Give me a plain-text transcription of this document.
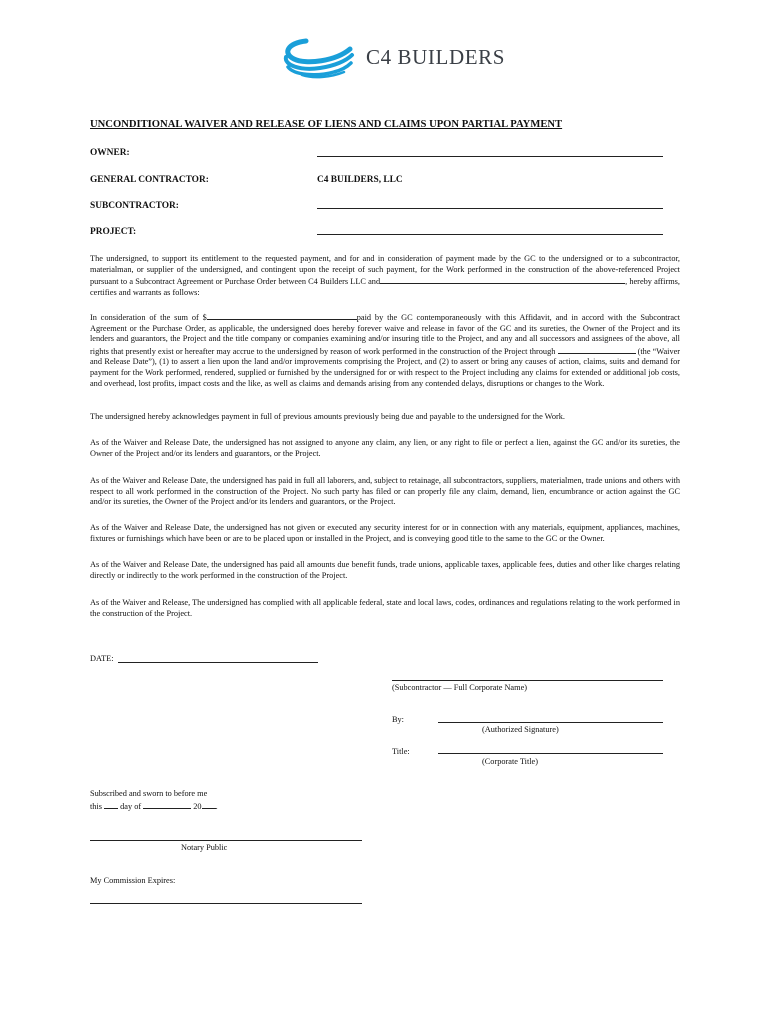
C4 BUILDERS
UNCONDITIONAL WAIVER AND RELEASE OF LIENS AND CLAIMS UPON PARTIAL PAYMENT
OWNER:
GENERAL CONTRACTOR:	C4 BUILDERS, LLC
SUBCONTRACTOR:
PROJECT:

The undersigned, to support its entitlement to the requested payment, and for and in consideration of payment made by the GC to the undersigned or to a subcontractor, materialman, or supplier of the undersigned, and contingent upon the receipt of such payment, for the Work performed in the construction of the above-referenced Project pursuant to a Subcontract Agreement or Purchase Order between C4 Builders LLC and	, hereby affirms, certifies and warrants as follows:

In consideration of the sum of $	paid by the GC contemporaneously with this Affidavit, and in accord with the Subcontract Agreement or the Purchase Order, as applicable, the undersigned does hereby forever waive and release in favor of the GC and its sureties, the Owner of the Project and its lenders and guarantors, the Project and the title company or companies examining and/or insuring title to the Project, and any and all successors and assignees of the above, all rights that presently exist or hereafter may accrue to the undersigned by reason of work performed in the construction of the Project through	(the “Waiver and Release Date”), (1) to assert a lien upon the land and/or improvements comprising the Project, and (2) to assert or bring any causes of action, claims, suits and demand for payment for the Work performed, rendered, supplied or furnished by the undersigned for or with respect to the Project including any claims for extended or additional job costs, and overhead, lost profits, impact costs and the like, as well as claims and demands arising from any contended delays, disruptions or changes to the Work.

The undersigned hereby acknowledges payment in full of previous amounts previously being due and payable to the undersigned for the Work.

As of the Waiver and Release Date, the undersigned has not assigned to anyone any claim, any lien, or any right to file or perfect a lien, against the GC and/or its sureties, the Owner of the Project and/or its lenders and guarantors, or the Project.

As of the Waiver and Release Date, the undersigned has paid in full all laborers, and, subject to retainage, all subcontractors, suppliers, materialmen, trade unions and others with respect to all work performed in the construction of the Project. No such party has filed or can properly file any claim, demand, lien, encumbrance or action against the GC and/or its sureties, the Owner of the Project and/or its lenders and guarantors, or the Project.

As of the Waiver and Release Date, the undersigned has not given or executed any security interest for or in connection with any materials, equipment, appliances, machines, fixtures or furnishings which have been or are to be placed upon or installed in the Project, and is conveying good title to the same to the GC or the Owner.

As of the Waiver and Release Date, the undersigned has paid all amounts due benefit funds, trade unions, applicable taxes, applicable fees, duties and other like charges relating directly or indirectly to the work performed in the construction of the Project.

As of the Waiver and Release, The undersigned has complied with all applicable federal, state and local laws, codes, ordinances and regulations relating to the work performed in the construction of the Project.

DATE:
(Subcontractor — Full Corporate Name)
By:
(Authorized Signature)
Title:
(Corporate Title)
Subscribed and sworn to before me
this day of	20 .
Notary Public
My Commission Expires:
